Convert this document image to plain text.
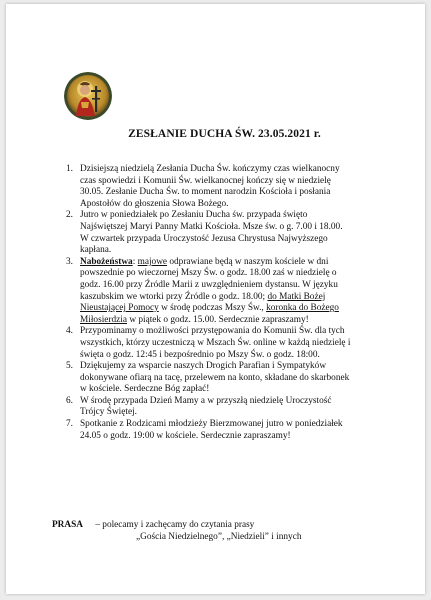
ZESŁANIE DUCHA ŚW. 23.05.2021 r.
1. Dzisiejszą niedzielą Zesłania Ducha Św. kończymy czas wielkanocny czas spowiedzi i Komunii Św. wielkanocnej kończy się w niedzielę 30.05. Zesłanie Ducha Św. to moment narodzin Kościoła i posłania Apostołów do głoszenia Słowa Bożego.
2. Jutro w poniedziałek po Zesłaniu Ducha św. przypada święto Najświętszej Maryi Panny Matki Kościoła. Msze św. o g. 7.00 i 18.00. W czwartek przypada Uroczystość Jezusa Chrystusa Najwyższego kapłana.
3. Nabożeństwa: majowe odprawiane będą w naszym kościele w dni powszednie po wieczornej Mszy Św. o godz. 18.00 zaś w niedzielę o godz. 16.00 przy Źródle Marii z uwzględnieniem dystansu. W języku kaszubskim we wtorki przy Źródle o godz. 18.00; do Matki Bożej Nieustającej Pomocy w środę podczas Mszy Św., koronka do Bożego Miłosierdzia w piątek o godz. 15.00. Serdecznie zapraszamy!
4. Przypominamy o możliwości przystępowania do Komunii Św. dla tych wszystkich, którzy uczestniczą w Mszach Św. online w każdą niedzielę i święta o godz. 12:45 i bezpośrednio po Mszy Św. o godz. 18:00.
5. Dziękujemy za wsparcie naszych Drogich Parafian i Sympatyków dokonywane ofiarą na tacę, przelewem na konto, składane do skarbonek w kościele. Serdeczne Bóg zapłać!
6. W środę przypada Dzień Mamy a w przyszłą niedzielę Uroczystość Trójcy Świętej.
7. Spotkanie z Rodzicami młodzieży Bierzmowanej jutro w poniedziałek 24.05 o godz. 19:00 w kościele. Serdecznie zapraszamy!
PRASA – polecamy i zachęcamy do czytania prasy
„Gościa Niedzielnego”, „Niedzieli” i innych
